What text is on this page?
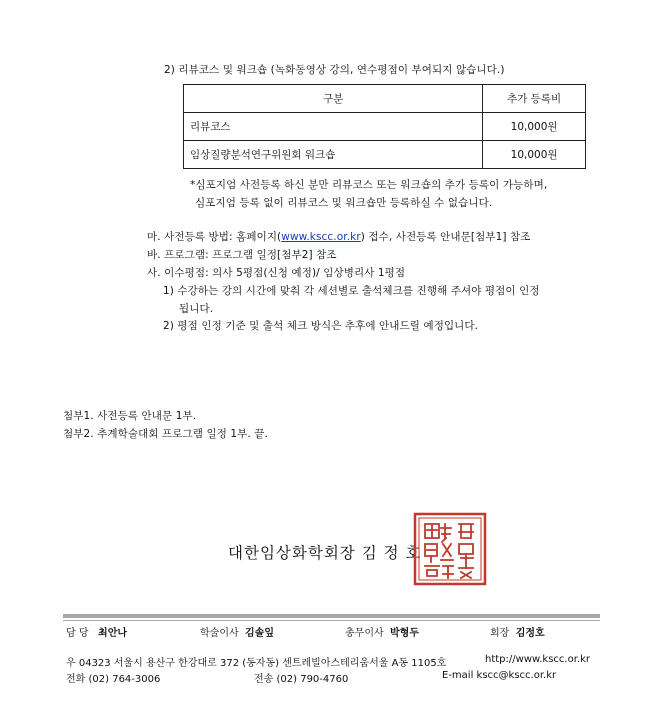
2) 리뷰코스 및 워크숍 (녹화동영상 강의, 연수평점이 부여되지 않습니다.)
구분	추가 등록비
리뷰코스	10,000원
임상질량분석연구위원회 워크숍	10,000원
*심포지엄 사전등록 하신 분만 리뷰코스 또는 워크숍의 추가 등록이 가능하며,
심포지엄 등록 없이 리뷰코스 및 워크숍만 등록하실 수 없습니다.
마. 사전등록 방법: 홈페이지(www.kscc.or.kr) 접수, 사전등록 안내문[첨부1] 참조
바. 프로그램: 프로그램 일정[첨부2] 참조
사. 이수평점: 의사 5평점(신청 예정)/ 임상병리사 1평점
1) 수강하는 강의 시간에 맞춰 각 세션별로 출석체크를 진행해 주셔야 평점이 인정
됩니다.
2) 평점 인정 기준 및 출석 체크 방식은 추후에 안내드릴 예정입니다.
첨부1. 사전등록 안내문 1부.
첨부2. 추계학술대회 프로그램 일정 1부. 끝.
대한임상화학회장 김 정 호
담 당 최안나	학술이사 김솔잎	총무이사 박형두	회장 김정호
우 04323 서울시 용산구 한강대로 372 (동자동) 센트레빌아스테리움서울 A동 1105호	http://www.kscc.or.kr
전화 (02) 764-3006	전송 (02) 790-4760	E-mail kscc@kscc.or.kr
